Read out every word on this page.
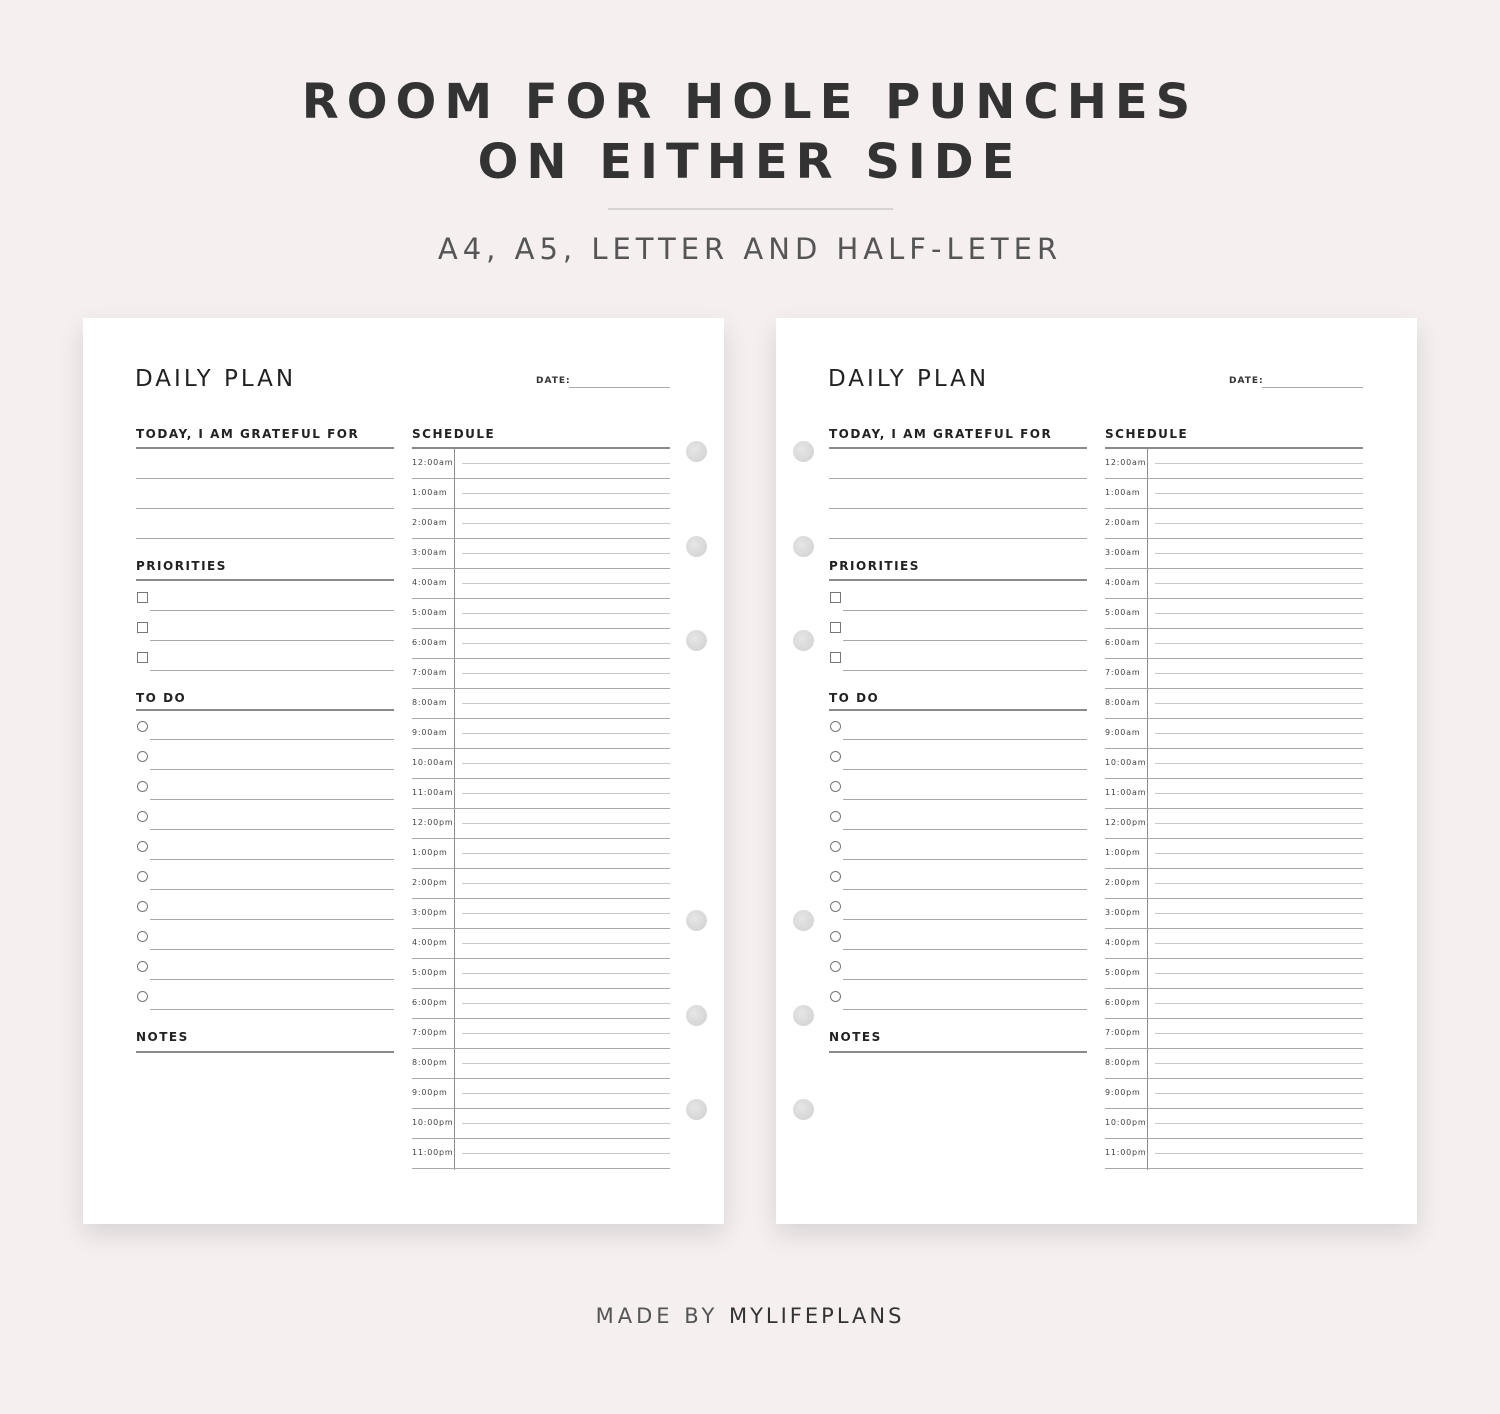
ROOM FOR HOLE PUNCHES
ON EITHER SIDE
A4, A5, LETTER AND HALF-LETER
DAILY PLAN	DATE:
TODAY, I AM GRATEFUL FOR
PRIORITIES
TO DO
NOTES
SCHEDULE
12:00am
1:00am
2:00am
3:00am
4:00am
5:00am
6:00am
7:00am
8:00am
9:00am
10:00am
11:00am
12:00pm
1:00pm
2:00pm
3:00pm
4:00pm
5:00pm
6:00pm
7:00pm
8:00pm
9:00pm
10:00pm
11:00pm
DAILY PLAN	DATE:
TODAY, I AM GRATEFUL FOR
PRIORITIES
TO DO
NOTES
SCHEDULE
12:00am
1:00am
2:00am
3:00am
4:00am
5:00am
6:00am
7:00am
8:00am
9:00am
10:00am
11:00am
12:00pm
1:00pm
2:00pm
3:00pm
4:00pm
5:00pm
6:00pm
7:00pm
8:00pm
9:00pm
10:00pm
11:00pm
MADE BY MYLIFEPLANS
